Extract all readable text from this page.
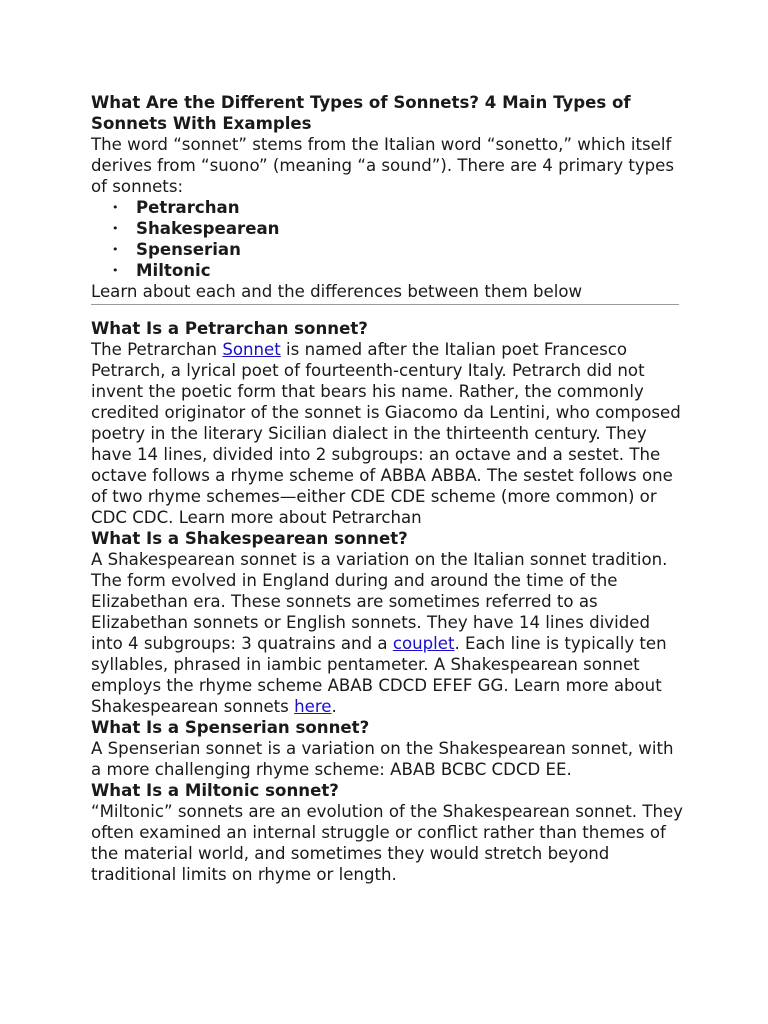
What Are the Different Types of Sonnets? 4 Main Types of Sonnets With Examples

The word “sonnet” stems from the Italian word “sonetto,” which itself derives from “suono” (meaning “a sound”). There are 4 primary types of sonnets:

• Petrarchan
• Shakespearean
• Spenserian
• Miltonic

Learn about each and the differences between them below

What Is a Petrarchan sonnet?

The Petrarchan Sonnet is named after the Italian poet Francesco Petrarch, a lyrical poet of fourteenth-century Italy. Petrarch did not invent the poetic form that bears his name. Rather, the commonly credited originator of the sonnet is Giacomo da Lentini, who composed poetry in the literary Sicilian dialect in the thirteenth century. They have 14 lines, divided into 2 subgroups: an octave and a sestet. The octave follows a rhyme scheme of ABBA ABBA. The sestet follows one of two rhyme schemes—either CDE CDE scheme (more common) or CDC CDC. Learn more about Petrarchan

What Is a Shakespearean sonnet?

A Shakespearean sonnet is a variation on the Italian sonnet tradition. The form evolved in England during and around the time of the Elizabethan era. These sonnets are sometimes referred to as Elizabethan sonnets or English sonnets. They have 14 lines divided into 4 subgroups: 3 quatrains and a couplet. Each line is typically ten syllables, phrased in iambic pentameter. A Shakespearean sonnet employs the rhyme scheme ABAB CDCD EFEF GG. Learn more about Shakespearean sonnets here.

What Is a Spenserian sonnet?

A Spenserian sonnet is a variation on the Shakespearean sonnet, with a more challenging rhyme scheme: ABAB BCBC CDCD EE.

What Is a Miltonic sonnet?

“Miltonic” sonnets are an evolution of the Shakespearean sonnet. They often examined an internal struggle or conflict rather than themes of the material world, and sometimes they would stretch beyond traditional limits on rhyme or length.
